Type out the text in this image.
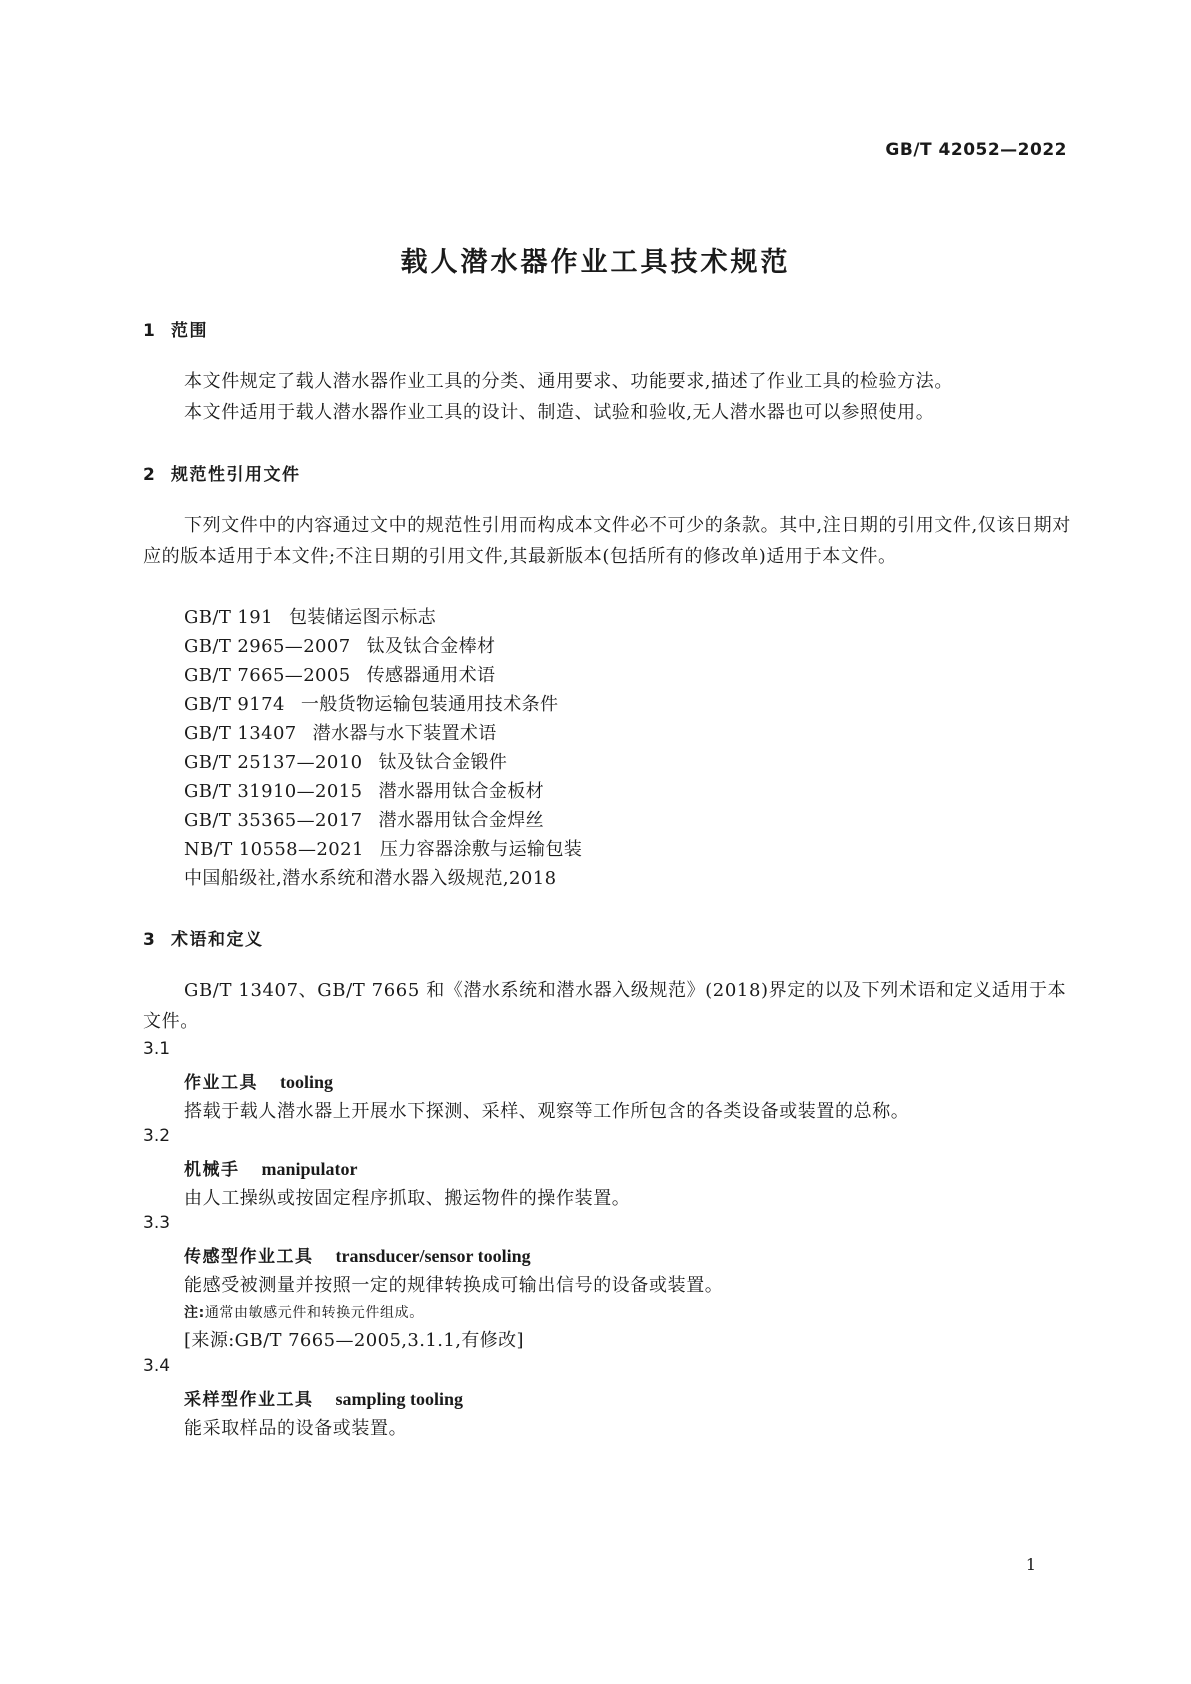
GB/T 42052—2022
载人潜水器作业工具技术规范
1 范围

本文件规定了载人潜水器作业工具的分类、通用要求、功能要求,描述了作业工具的检验方法。

本文件适用于载人潜水器作业工具的设计、制造、试验和验收,无人潜水器也可以参照使用。

2 规范性引用文件

下列文件中的内容通过文中的规范性引用而构成本文件必不可少的条款。其中,注日期的引用文件,仅该日期对应的版本适用于本文件;不注日期的引用文件,其最新版本(包括所有的修改单)适用于本文件。

GB/T 191 包装储运图示标志
GB/T 2965—2007 钛及钛合金棒材
GB/T 7665—2005 传感器通用术语
GB/T 9174 一般货物运输包装通用技术条件
GB/T 13407 潜水器与水下装置术语
GB/T 25137—2010 钛及钛合金锻件
GB/T 31910—2015 潜水器用钛合金板材
GB/T 35365—2017 潜水器用钛合金焊丝
NB/T 10558—2021 压力容器涂敷与运输包装
中国船级社,潜水系统和潜水器入级规范,2018
3 术语和定义

GB/T 13407、GB/T 7665 和《潜水系统和潜水器入级规范》(2018)界定的以及下列术语和定义适用于本文件。

3.1
作业工具 tooling
搭载于载人潜水器上开展水下探测、采样、观察等工作所包含的各类设备或装置的总称。
3.2
机械手 manipulator
由人工操纵或按固定程序抓取、搬运物件的操作装置。
3.3
传感型作业工具 transducer/sensor tooling
能感受被测量并按照一定的规律转换成可输出信号的设备或装置。
注:通常由敏感元件和转换元件组成。
[来源:GB/T 7665—2005,3.1.1,有修改]
3.4
采样型作业工具 sampling tooling
能采取样品的设备或装置。
1
